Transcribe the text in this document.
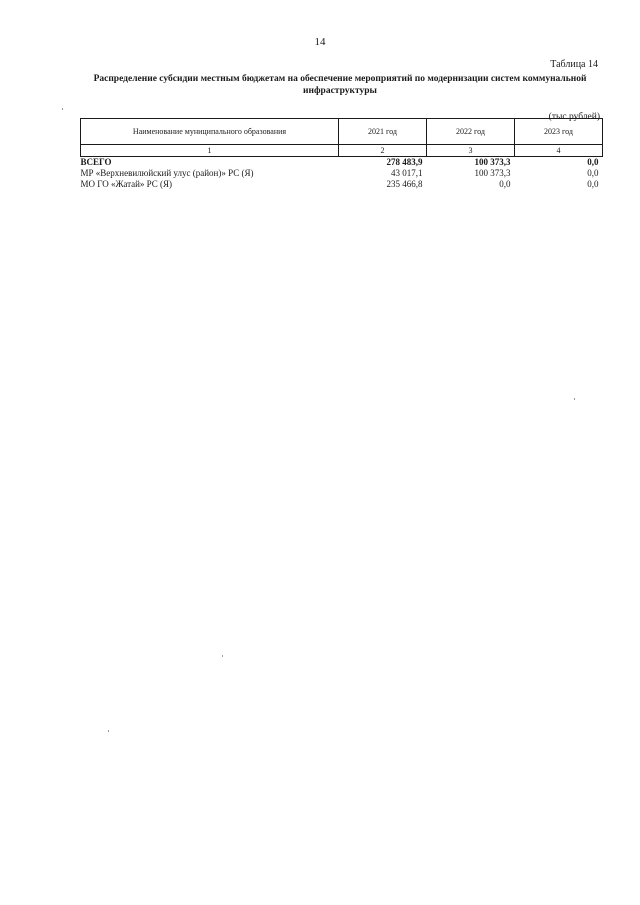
14
Таблица 14
Распределение субсидии местным бюджетам на обеспечение мероприятий по модернизации систем коммунальной инфраструктуры
(тыс.рублей)
Наименование муниципального образования	2021 год	2022 год	2023 год
1	2	3	4
ВСЕГО	278 483,9	100 373,3	0,0
МР «Верхневилюйский улус (район)» РС (Я)	43 017,1	100 373,3	0,0
МО ГО «Жатай» РС (Я)	235 466,8	0,0	0,0
